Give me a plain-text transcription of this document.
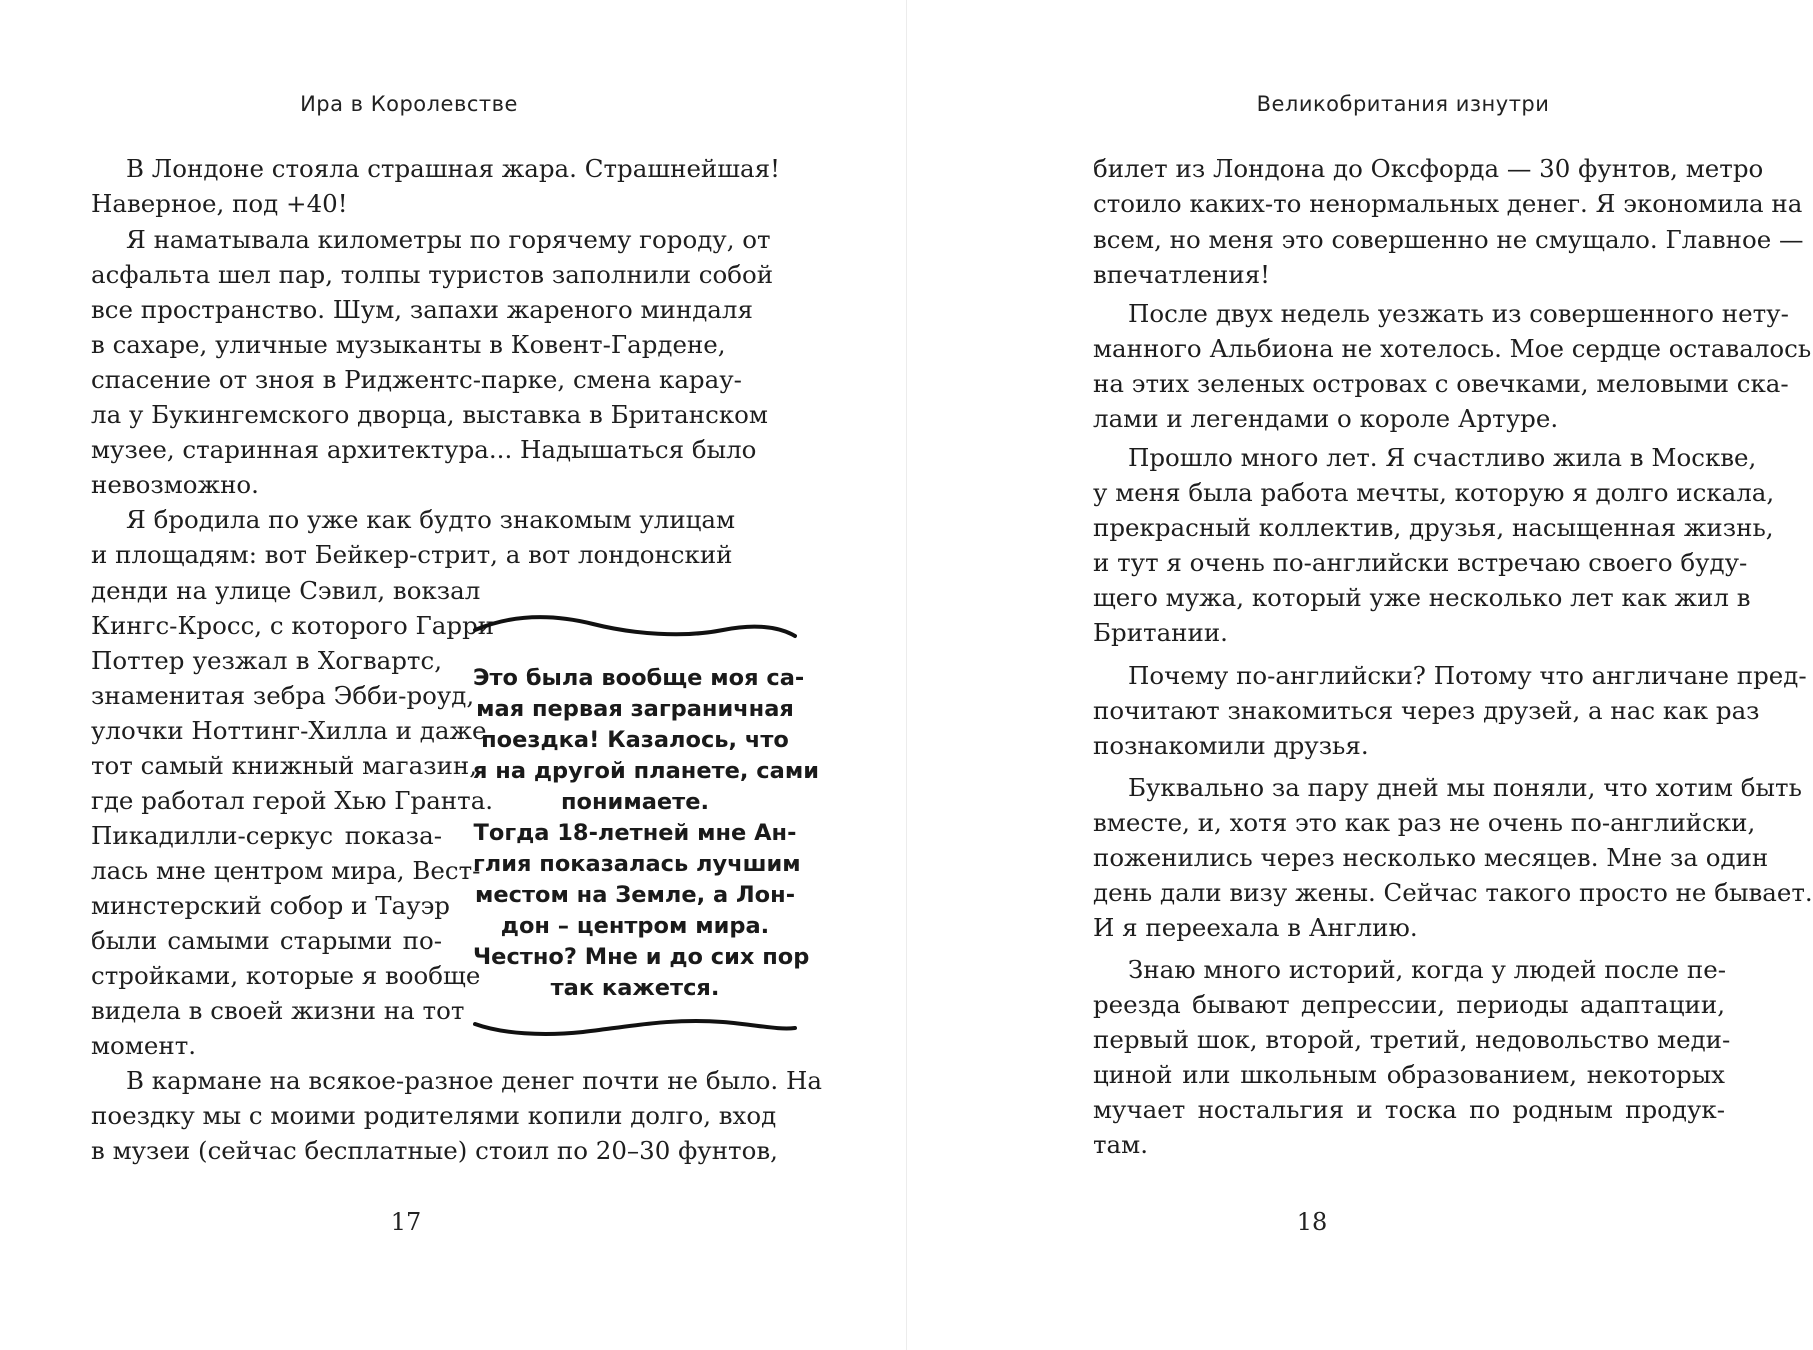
Ира в Королевстве
В Лондоне стояла страшная жара. Страшнейшая!
Наверное, под +40!
Я наматывала километры по горячему городу, от
асфальта шел пар, толпы туристов заполнили собой
все пространство. Шум, запахи жареного миндаля
в сахаре, уличные музыканты в Ковент-Гардене,
спасение от зноя в Риджентс-парке, смена карау-
ла у Букингемского дворца, выставка в Британском
музее, старинная архитектура... Надышаться было
невозможно.
Я бродила по уже как будто знакомым улицам
и площадям: вот Бейкер-стрит, а вот лондонский
денди на улице Сэвил, вокзал
Кингс-Кросс, с которого Гарри
Поттер уезжал в Хогвартс,
знаменитая зебра Эбби-роуд,
улочки Ноттинг-Хилла и даже
тот самый книжный магазин,
где работал герой Хью Гранта.
Пикадилли-серкус показа-
лась мне центром мира, Вест-
минстерский собор и Тауэр
были самыми старыми по-
стройками, которые я вообще
видела в своей жизни на тот
момент.
В кармане на всякое-разное денег почти не было. На
поездку мы с моими родителями копили долго, вход
в музеи (сейчас бесплатные) стоил по 20–30 фунтов,
Это была вообще моя са-
мая первая заграничная
поездка! Казалось, что
я на другой планете, сами
понимаете.
Тогда 18-летней мне Ан-
глия показалась лучшим
местом на Земле, а Лон-
дон – центром мира.
Честно? Мне и до сих пор
так кажется.
17
Великобритания изнутри
билет из Лондона до Оксфорда — 30 фунтов, метро
стоило каких-то ненормальных денег. Я экономила на
всем, но меня это совершенно не смущало. Главное —
впечатления!
После двух недель уезжать из совершенного нету-
манного Альбиона не хотелось. Мое сердце оставалось
на этих зеленых островах с овечками, меловыми ска-
лами и легендами о короле Артуре.
Прошло много лет. Я счастливо жила в Москве,
у меня была работа мечты, которую я долго искала,
прекрасный коллектив, друзья, насыщенная жизнь,
и тут я очень по-английски встречаю своего буду-
щего мужа, который уже несколько лет как жил в
Британии.
Почему по-английски? Потому что англичане пред-
почитают знакомиться через друзей, а нас как раз
познакомили друзья.
Буквально за пару дней мы поняли, что хотим быть
вместе, и, хотя это как раз не очень по-английски,
поженились через несколько месяцев. Мне за один
день дали визу жены. Сейчас такого просто не бывает.
И я переехала в Англию.
Знаю много историй, когда у людей после пе-
реезда бывают депрессии, периоды адаптации,
первый шок, второй, третий, недовольство меди-
циной или школьным образованием, некоторых
мучает ностальгия и тоска по родным продук-
там.
18
